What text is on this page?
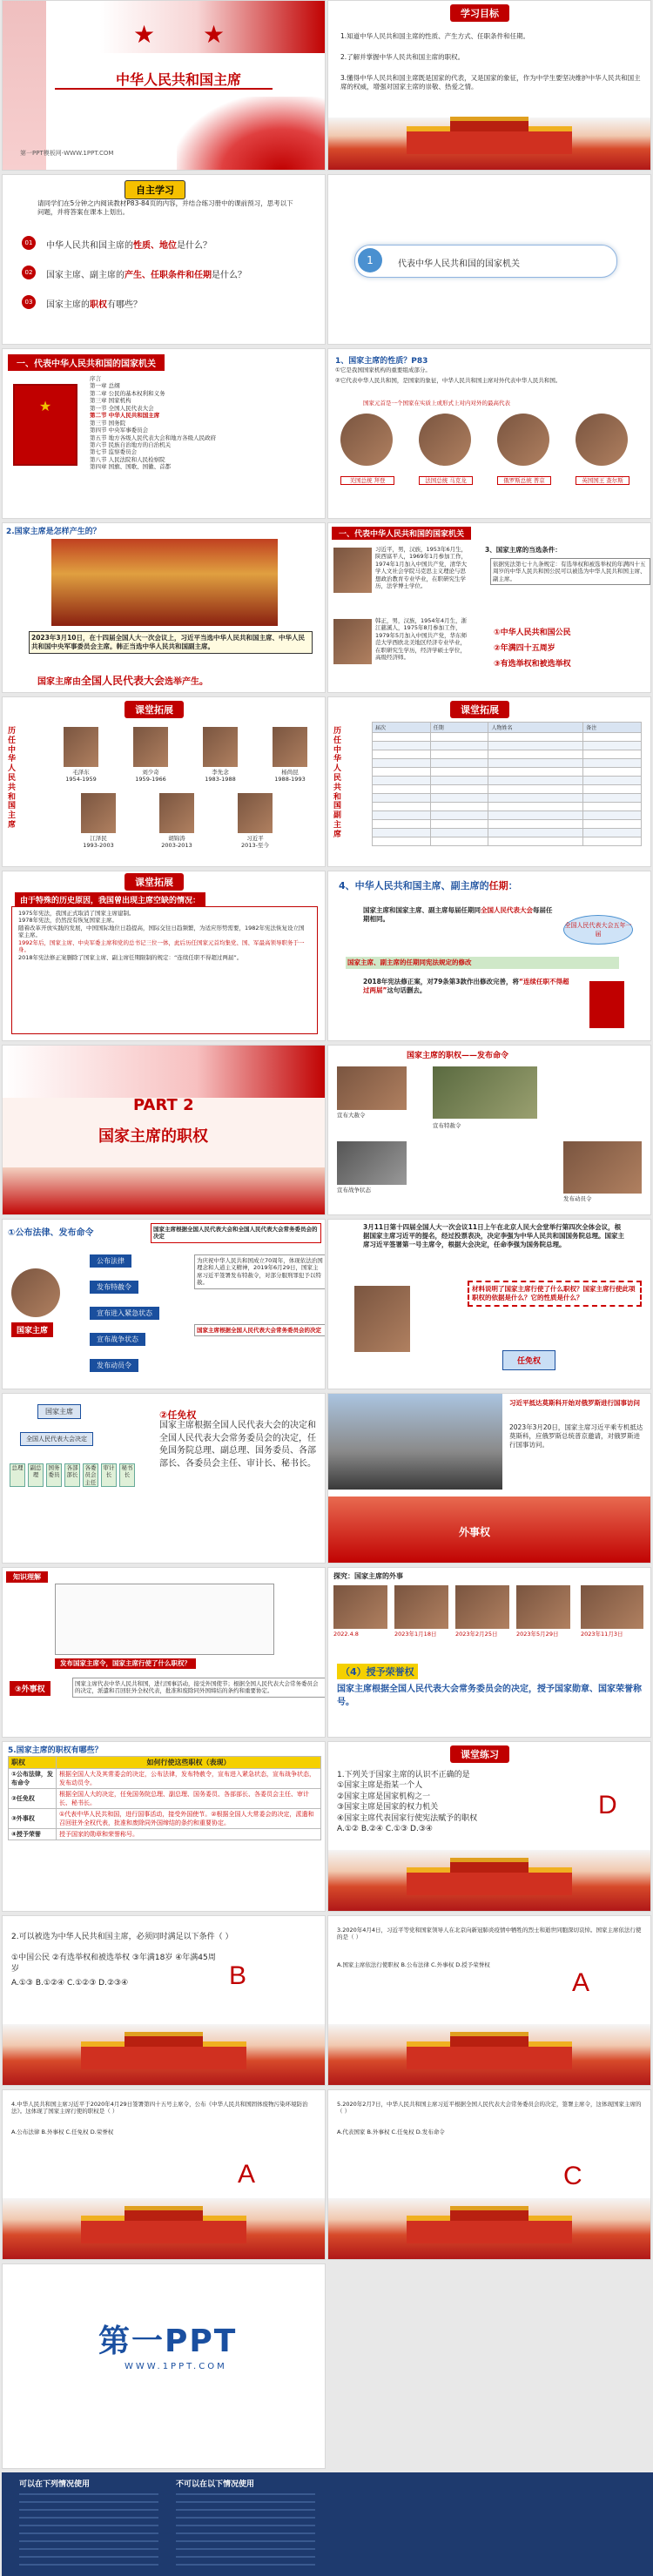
★ ★
中华人民共和国主席
第一PPT模板网-WWW.1PPT.COM
学习目标
1.知道中华人民共和国主席的性质、产生方式、任职条件和任期。
2.了解并掌握中华人民共和国主席的职权。
3.懂得中华人民共和国主席既是国家的代表，又是国家的象征，作为中学生要坚决维护中华人民共和国主席的权威，增强对国家主席的崇敬、热爱之情。
自主学习
请同学们在5分钟之内阅读教材P83-84页的内容，并结合练习册中的课前预习，思考以下问题，并将答案在课本上划出。
01	中华人民共和国主席的性质、地位是什么？
02	国家主席、副主席的产生、任职条件和任期是什么？
03	国家主席的职权有哪些？
1	代表中华人民共和国的国家机关
一、代表中华人民共和国的国家机关
★
序言
第一章 总纲
第二章 公民的基本权利和义务
第三章 国家机构
第一节 全国人民代表大会
第二节 中华人民共和国主席
第三节 国务院
第四节 中央军事委员会
第五节 地方各级人民代表大会和地方各级人民政府
第六节 民族自治地方的自治机关
第七节 监察委员会
第八节 人民法院和人民检察院
第四章 国旗、国歌、国徽、首都
1、国家主席的性质？P83
①它是我国国家机构的重要组成部分。
②它代表中华人民共和国，是国家的象征，中华人民共和国主席对外代表中华人民共和国。
国家元首是一个国家在实质上或形式上对内对外的最高代表
美国总统 拜登	法国总统 马克龙	俄罗斯总统 普京	英国国王 查尔斯
2.国家主席是怎样产生的？
2023年3月10日，在十四届全国人大一次会议上，习近平当选中华人民共和国主席、中华人民共和国中央军事委员会主席。韩正当选中华人民共和国副主席。
国家主席由全国人民代表大会选举产生。
一、代表中华人民共和国的国家机关
习近平，男，汉族，1953年6月生，陕西富平人，1969年1月参加工作，1974年1月加入中国共产党，清华大学人文社会学院马克思主义理论与思想政治教育专业毕业，在职研究生学历，法学博士学位。
韩正，男，汉族，1954年4月生，浙江慈溪人，1975年8月参加工作，1979年5月加入中国共产党，华东师范大学西欧北美地区经济专业毕业，在职研究生学历，经济学硕士学位，高级经济师。
3、国家主席的当选条件：
依据宪法第七十九条规定：有选举权和被选举权的年满四十五周岁的中华人民共和国公民可以被选为中华人民共和国主席、副主席。
①中华人民共和国公民
②年满四十五周岁
③有选举权和被选举权
课堂拓展
历任中华人民共和国主席
毛泽东
1954-1959
刘少奇
1959-1966
李先念
1983-1988
杨尚昆
1988-1993
江泽民
1993-2003
胡锦涛
2003-2013
习近平
2013-至今
课堂拓展
历任中华人民共和国副主席
届次	任期	人物姓名	备注

课堂拓展
由于特殊的历史原因，我国曾出现主席空缺的情况：
1975年宪法，我国正式取消了国家主席建制。
1978年宪法，仍然没有恢复国家主席。
随着改革开放实践的发展，中国国际地位日趋提高，国际交往日趋频繁，为适应形势需要，1982年宪法恢复设立国家主席。
1992年后，国家主席、中央军委主席和党的总书记三位一体，此后历任国家元首均集党、国、军最高领导职务于一身。
2018年宪法修正案删除了国家主席、副主席任期限制的规定：“连续任职不得超过两届”。
4、中华人民共和国主席、副主席的任期：
国家主席和国家主席、副主席每届任期同全国人民代表大会每届任期相同。
全国人民代表大会五年一届
国家主席、副主席的任期同宪法规定的修改
2018年宪法修正案，对79条第3款作出修改完善，将“连续任职不得超过两届”这句话删去。
PART 2
国家主席的职权
国家主席的职权——发布命令
宣布大赦令
宣布战争状态
宣布特赦令
发布动员令
①公布法律、发布命令	国家主席根据全国人民代表大会和全国人民代表大会常务委员会的决定
国家主席
公布法律
发布特赦令
宣布进入紧急状态
宣布战争状态
发布动员令
为庆祝中华人民共和国成立70周年，体现依法治国理念和人道主义精神，2019年6月29日，国家主席习近平签署发布特赦令，对部分服刑罪犯予以特赦。
国家主席根据全国人民代表大会常务委员会的决定
3月11日第十四届全国人大一次会议11日上午在北京人民大会堂举行第四次全体会议，根据国家主席习近平的提名，经过投票表决，决定李强为中华人民共和国国务院总理。国家主席习近平签署第一号主席令，根据大会决定，任命李强为国务院总理。
材料说明了国家主席行使了什么职权？国家主席行使此项职权的依据是什么？它的性质是什么？
任免权
国家主席
全国人民代表大会决定
总理	副总理
国务委员
各部部长
各委员会主任
审计长
秘书长
②任免权
国家主席根据全国人民代表大会的决定和全国人民代表大会常务委员会的决定，任免国务院总理、副总理、国务委员、各部部长、各委员会主任、审计长、秘书长。
习近平抵达莫斯科开始对俄罗斯进行国事访问
2023年3月20日，国家主席习近平乘专机抵达莫斯科，应俄罗斯总统普京邀请，对俄罗斯进行国事访问。
外事权
知识理解
发布国家主席令，国家主席行使了什么职权？
③外事权
国家主席代表中华人民共和国，进行国事活动，接受外国使节；根据全国人民代表大会常务委员会的决定，派遣和召回驻外全权代表，批准和废除同外国缔结的条约和重要协定。
探究：国家主席的外事
2022.4.8	2023年1月18日	2023年2月25日	2023年5月29日	2023年11月3日
（4）授予荣誉权
国家主席根据全国人民代表大会常务委员会的决定，授予国家勋章、国家荣誉称号。
5.国家主席的职权有哪些？
职权	如何行使这些职权（表现）
①公布法律，发布命令	根据全国人大及其常委会的决定，公布法律，发布特赦令，宣布进入紧急状态，宣布战争状态，发布动员令。
②任免权	根据全国人大的决定，任免国务院总理、副总理、国务委员、各部部长、各委员会主任、审计长、秘书长。
③外事权	①代表中华人民共和国，进行国事活动，接受外国使节。②根据全国人大常委会的决定，派遣和召回驻外全权代表，批准和废除同外国缔结的条约和重要协定。
④授予荣誉	授予国家的勋章和荣誉称号。
课堂练习
1.下列关于国家主席的认识不正确的是
①国家主席是指某一个人
②国家主席是国家机构之一
③国家主席是国家的权力机关
④国家主席代表国家行使宪法赋予的职权
A.①② B.②④ C.①③ D.③④
D
2.可以被选为中华人民共和国主席，必须同时满足以下条件（ ）
①中国公民 ②有选举权和被选举权 ③年满18岁 ④年满45周岁
A.①③ B.①②④ C.①②③ D.②③④	B
3.2020年4月4日，习近平等党和国家领导人在北京向新冠肺炎疫情中牺牲的烈士和逝世同胞深切哀悼。国家主席依法行使的是（ ）
A.国家主席依法行使职权 B.公布法律 C.外事权 D.授予荣誉权
A
4.中华人民共和国主席习近平于2020年4月29日签署第四十五号主席令，公布《中华人民共和国固体废物污染环境防治法》。这体现了国家主席行使的职权是（ ）
A.公布法律 B.外事权 C.任免权 D.荣誉权
A
5.2020年2月7日，中华人民共和国主席习近平根据全国人民代表大会常务委员会的决定，签署主席令，这体现国家主席的（ ）
A.代表国家 B.外事权 C.任免权 D.发布命令
C
第一PPT
WWW.1PPT.COM
可以在下列情况使用	不可以在以下情况使用
